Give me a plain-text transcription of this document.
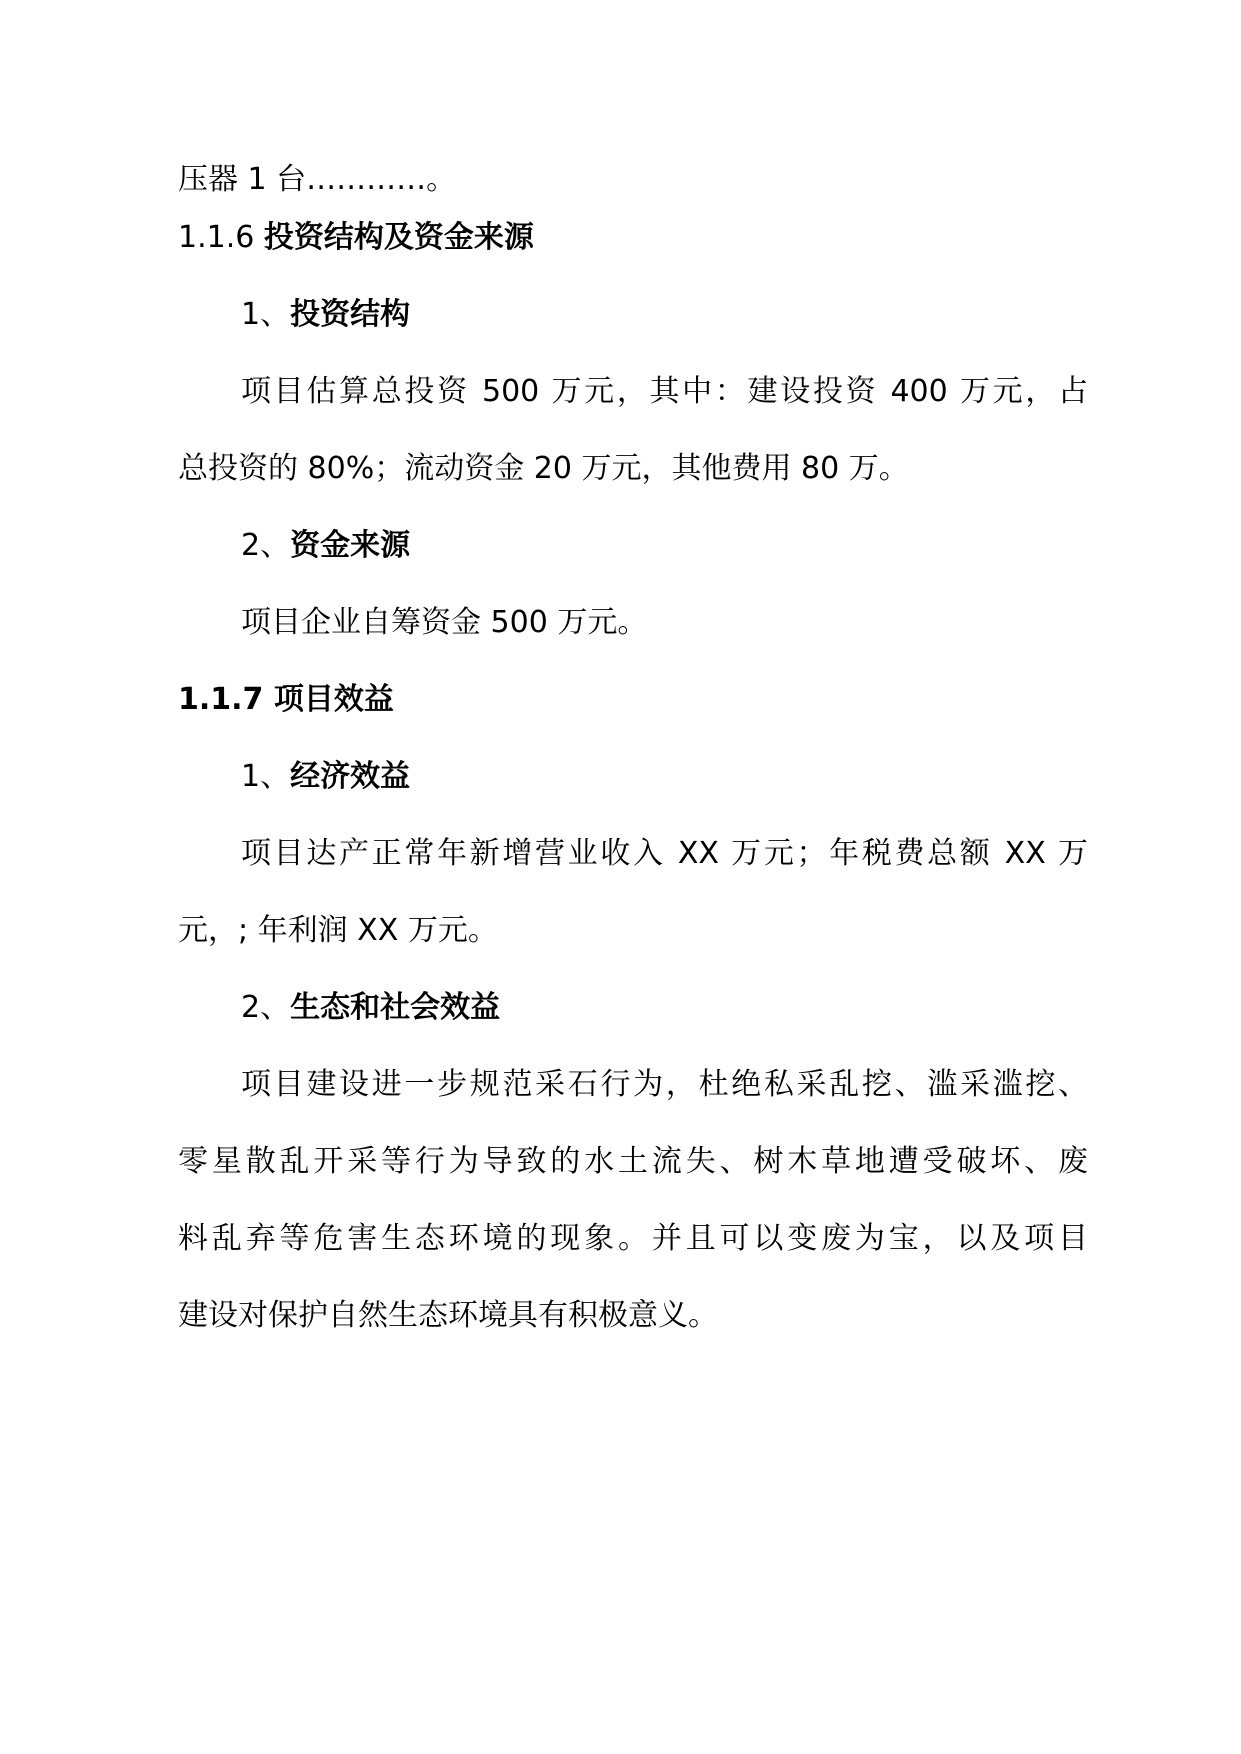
压器 1 台…………。
1.1.6 投资结构及资金来源
1、投资结构
项目估算总投资 500 万元，其中：建设投资 400 万元，占
总投资的 80%；流动资金 20 万元，其他费用 80 万。
2、资金来源
项目企业自筹资金 500 万元。
1.1.7 项目效益
1、经济效益
项目达产正常年新增营业收入 XX 万元；年税费总额 XX 万
元，; 年利润 XX 万元。
2、生态和社会效益
项目建设进一步规范采石行为，杜绝私采乱挖、滥采滥挖、
零星散乱开采等行为导致的水土流失、树木草地遭受破坏、废
料乱弃等危害生态环境的现象。并且可以变废为宝，以及项目
建设对保护自然生态环境具有积极意义。
